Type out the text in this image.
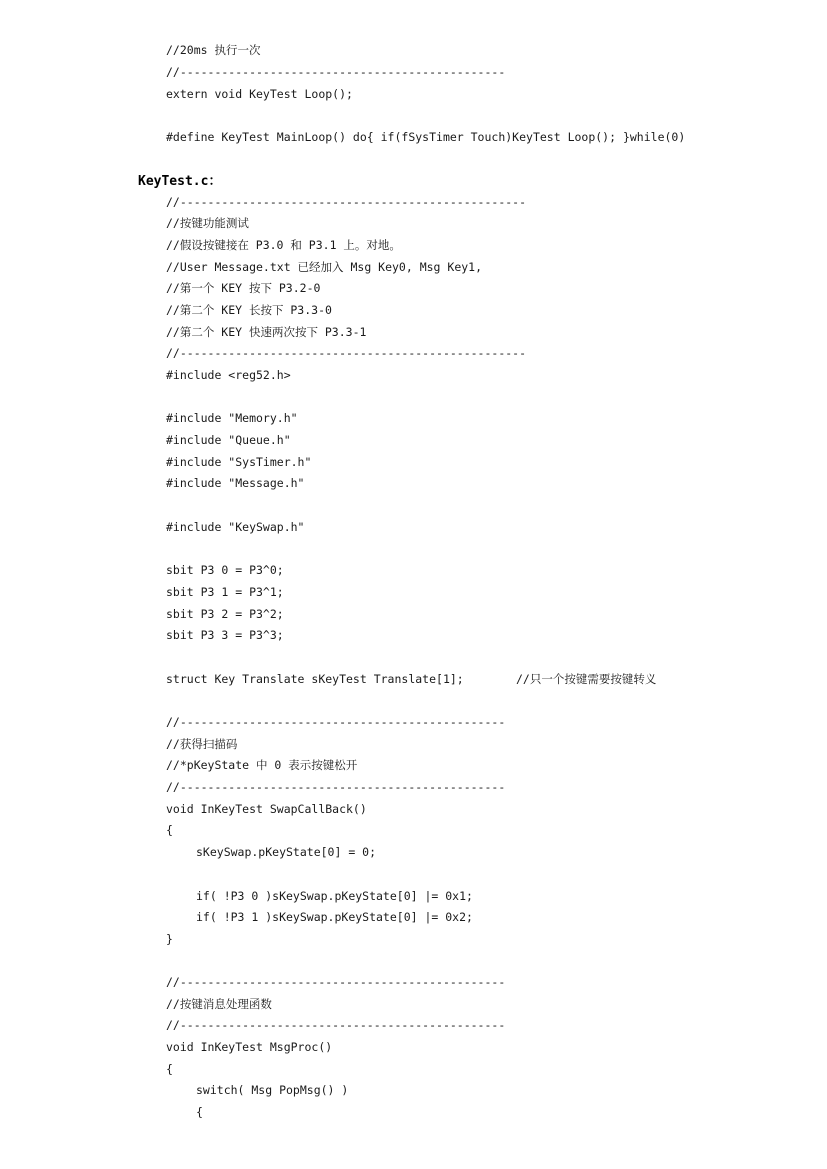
//20ms 执行一次
//-----------------------------------------------
extern void KeyTest Loop();
#define KeyTest MainLoop() do{ if(fSysTimer Touch)KeyTest Loop(); }while(0)
KeyTest.c：
//--------------------------------------------------
//按键功能测试
//假设按键接在 P3.0 和 P3.1 上。对地。
//User Message.txt 已经加入 Msg Key0, Msg Key1,
//第一个 KEY 按下 P3.2-0
//第二个 KEY 长按下 P3.3-0
//第二个 KEY 快速两次按下 P3.3-1
//--------------------------------------------------
#include <reg52.h>
#include "Memory.h"
#include "Queue.h"
#include "SysTimer.h"
#include "Message.h"
#include "KeySwap.h"
sbit P3 0 = P3^0;
sbit P3 1 = P3^1;
sbit P3 2 = P3^2;
sbit P3 3 = P3^3;
struct Key Translate sKeyTest Translate[1];	//只一个按键需要按键转义
//-----------------------------------------------
//获得扫描码
//*pKeyState 中 0 表示按键松开
//-----------------------------------------------
void InKeyTest SwapCallBack()
{
sKeySwap.pKeyState[0] = 0;
if( !P3 0 )sKeySwap.pKeyState[0] |= 0x1;
if( !P3 1 )sKeySwap.pKeyState[0] |= 0x2;
}
//-----------------------------------------------
//按键消息处理函数
//-----------------------------------------------
void InKeyTest MsgProc()
{
switch( Msg PopMsg() )
{
